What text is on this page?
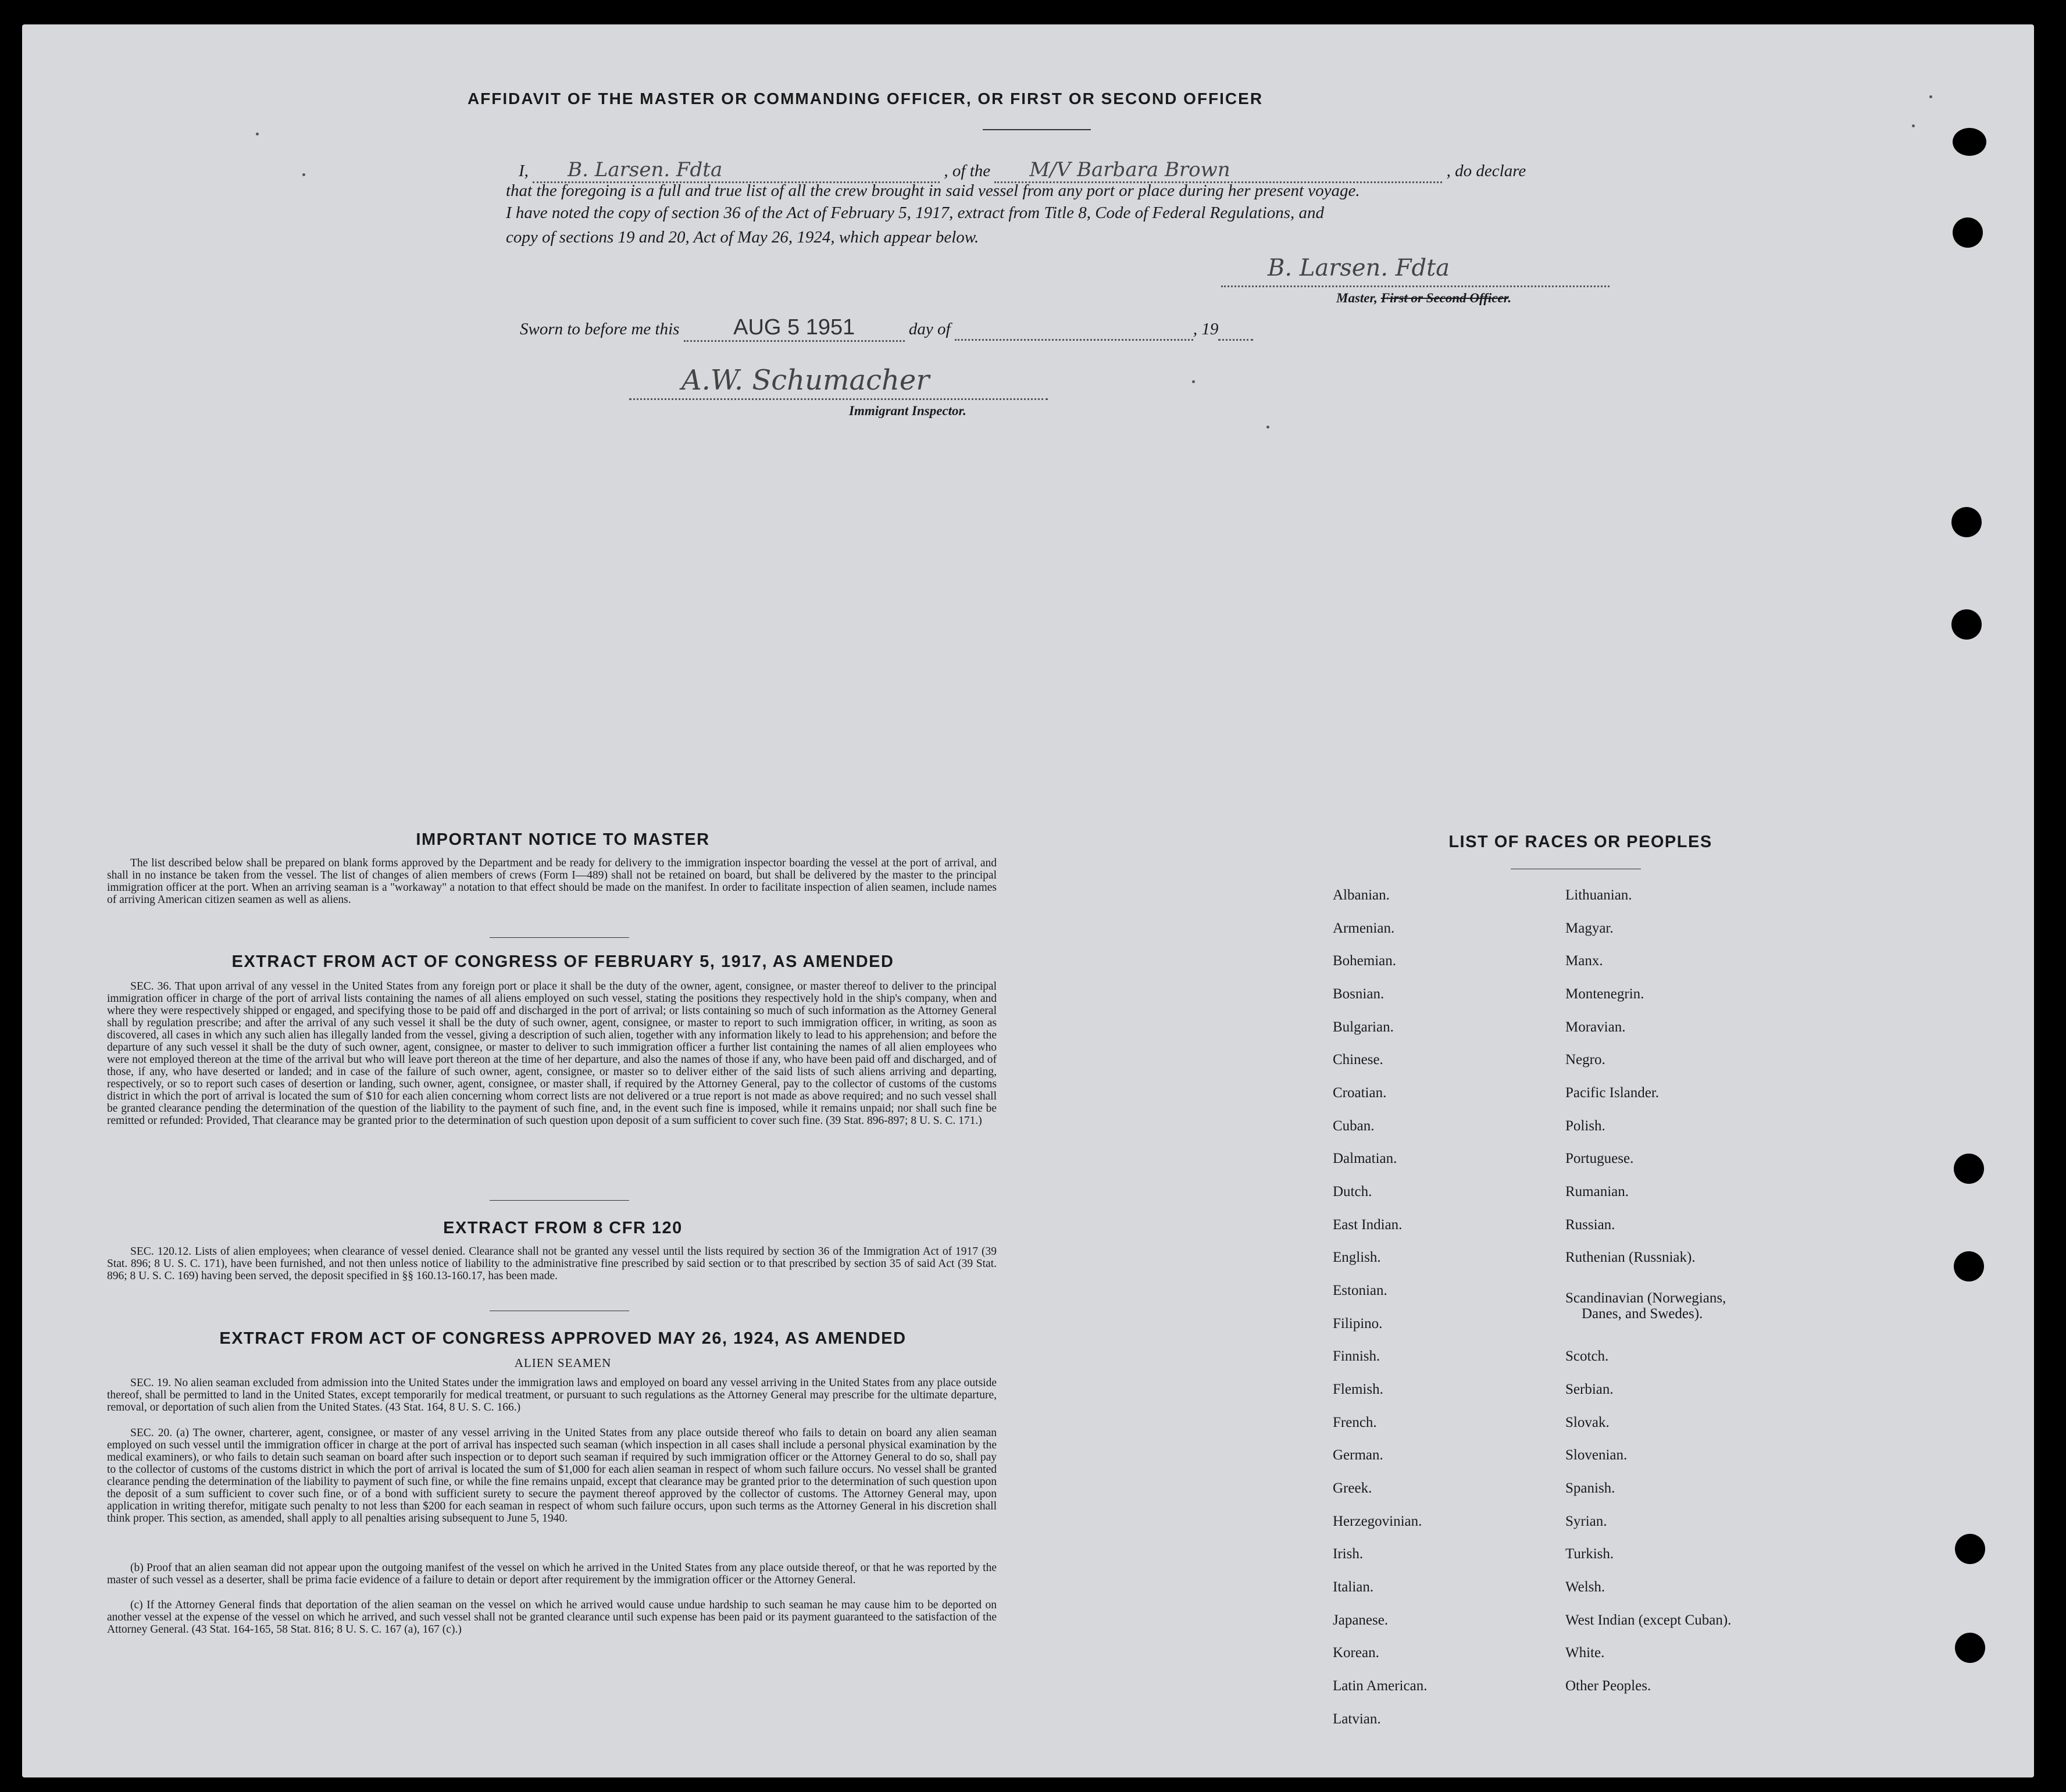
AFFIDAVIT OF THE MASTER OR COMMANDING OFFICER, OR FIRST OR SECOND OFFICER
I, B. Larsen. Fdta	, of the M/V Barbara Brown	, do declare
that the foregoing is a full and true list of all the crew brought in said vessel from any port or place during her present voyage.
I have noted the copy of section 36 of the Act of February 5, 1917, extract from Title 8, Code of Federal Regulations, and
copy of sections 19 and 20, Act of May 26, 1924, which appear below.
B. Larsen. Fdta
Master, First or Second Officer.
Sworn to before me this AUG 5 1951	day of	, 19
A.W. Schumacher
Immigrant Inspector.
IMPORTANT NOTICE TO MASTER
The list described below shall be prepared on blank forms approved by the Department and be ready for delivery to the immigration inspector boarding the vessel at the port of arrival, and shall in no instance be taken from the vessel. The list of changes of alien members of crews (Form I—489) shall not be retained on board, but shall be delivered by the master to the principal immigration officer at the port. When an arriving seaman is a "workaway" a notation to that effect should be made on the manifest. In order to facilitate inspection of alien seamen, include names of arriving American citizen seamen as well as aliens.
EXTRACT FROM ACT OF CONGRESS OF FEBRUARY 5, 1917, AS AMENDED
SEC. 36. That upon arrival of any vessel in the United States from any foreign port or place it shall be the duty of the owner, agent, consignee, or master thereof to deliver to the principal immigration officer in charge of the port of arrival lists containing the names of all aliens employed on such vessel, stating the positions they respectively hold in the ship's company, when and where they were respectively shipped or engaged, and specifying those to be paid off and discharged in the port of arrival; or lists containing so much of such information as the Attorney General shall by regulation prescribe; and after the arrival of any such vessel it shall be the duty of such owner, agent, consignee, or master to report to such immigration officer, in writing, as soon as discovered, all cases in which any such alien has illegally landed from the vessel, giving a description of such alien, together with any information likely to lead to his apprehension; and before the departure of any such vessel it shall be the duty of such owner, agent, consignee, or master to deliver to such immigration officer a further list containing the names of all alien employees who were not employed thereon at the time of the arrival but who will leave port thereon at the time of her departure, and also the names of those if any, who have been paid off and discharged, and of those, if any, who have deserted or landed; and in case of the failure of such owner, agent, consignee, or master so to deliver either of the said lists of such aliens arriving and departing, respectively, or so to report such cases of desertion or landing, such owner, agent, consignee, or master shall, if required by the Attorney General, pay to the collector of customs of the customs district in which the port of arrival is located the sum of $10 for each alien concerning whom correct lists are not delivered or a true report is not made as above required; and no such vessel shall be granted clearance pending the determination of the question of the liability to the payment of such fine, and, in the event such fine is imposed, while it remains unpaid; nor shall such fine be remitted or refunded: Provided, That clearance may be granted prior to the determination of such question upon deposit of a sum sufficient to cover such fine. (39 Stat. 896-897; 8 U. S. C. 171.)
EXTRACT FROM 8 CFR 120
SEC. 120.12. Lists of alien employees; when clearance of vessel denied. Clearance shall not be granted any vessel until the lists required by section 36 of the Immigration Act of 1917 (39 Stat. 896; 8 U. S. C. 171), have been furnished, and not then unless notice of liability to the administrative fine prescribed by said section or to that prescribed by section 35 of said Act (39 Stat. 896; 8 U. S. C. 169) having been served, the deposit specified in §§ 160.13-160.17, has been made.
EXTRACT FROM ACT OF CONGRESS APPROVED MAY 26, 1924, AS AMENDED
ALIEN SEAMEN
SEC. 19. No alien seaman excluded from admission into the United States under the immigration laws and employed on board any vessel arriving in the United States from any place outside thereof, shall be permitted to land in the United States, except temporarily for medical treatment, or pursuant to such regulations as the Attorney General may prescribe for the ultimate departure, removal, or deportation of such alien from the United States. (43 Stat. 164, 8 U. S. C. 166.)
SEC. 20. (a) The owner, charterer, agent, consignee, or master of any vessel arriving in the United States from any place outside thereof who fails to detain on board any alien seaman employed on such vessel until the immigration officer in charge at the port of arrival has inspected such seaman (which inspection in all cases shall include a personal physical examination by the medical examiners), or who fails to detain such seaman on board after such inspection or to deport such seaman if required by such immigration officer or the Attorney General to do so, shall pay to the collector of customs of the customs district in which the port of arrival is located the sum of $1,000 for each alien seaman in respect of whom such failure occurs. No vessel shall be granted clearance pending the determination of the liability to payment of such fine, or while the fine remains unpaid, except that clearance may be granted prior to the determination of such question upon the deposit of a sum sufficient to cover such fine, or of a bond with sufficient surety to secure the payment thereof approved by the collector of customs. The Attorney General may, upon application in writing therefor, mitigate such penalty to not less than $200 for each seaman in respect of whom such failure occurs, upon such terms as the Attorney General in his discretion shall think proper. This section, as amended, shall apply to all penalties arising subsequent to June 5, 1940.
(b) Proof that an alien seaman did not appear upon the outgoing manifest of the vessel on which he arrived in the United States from any place outside thereof, or that he was reported by the master of such vessel as a deserter, shall be prima facie evidence of a failure to detain or deport after requirement by the immigration officer or the Attorney General.
(c) If the Attorney General finds that deportation of the alien seaman on the vessel on which he arrived would cause undue hardship to such seaman he may cause him to be deported on another vessel at the expense of the vessel on which he arrived, and such vessel shall not be granted clearance until such expense has been paid or its payment guaranteed to the satisfaction of the Attorney General. (43 Stat. 164-165, 58 Stat. 816; 8 U. S. C. 167 (a), 167 (c).)
LIST OF RACES OR PEOPLES
Albanian.
Armenian.
Bohemian.
Bosnian.
Bulgarian.
Chinese.
Croatian.
Cuban.
Dalmatian.
Dutch.
East Indian.
English.
Estonian.
Filipino.
Finnish.
Flemish.
French.
German.
Greek.
Herzegovinian.
Irish.
Italian.
Japanese.
Korean.
Latin American.
Latvian.
Lithuanian.
Magyar.
Manx.
Montenegrin.
Moravian.
Negro.
Pacific Islander.
Polish.
Portuguese.
Rumanian.
Russian.
Ruthenian (Russniak).
Scandinavian (Norwegians,
Danes, and Swedes).
Scotch.
Serbian.
Slovak.
Slovenian.
Spanish.
Syrian.
Turkish.
Welsh.
West Indian (except Cuban).
White.
Other Peoples.
